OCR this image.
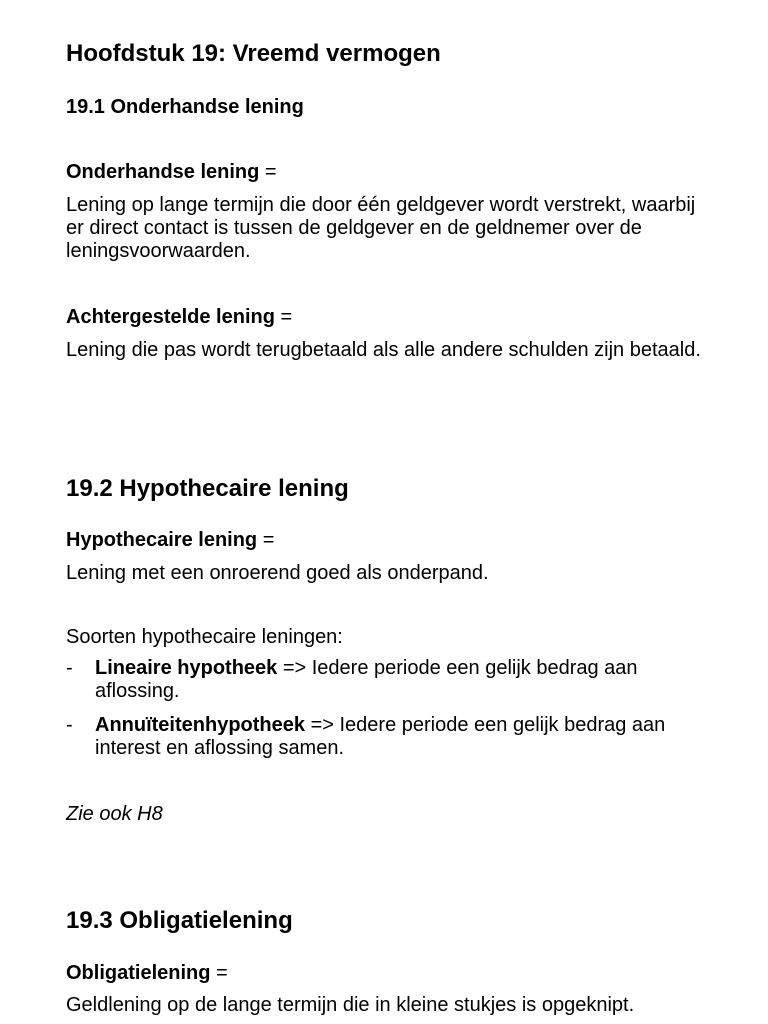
Hoofdstuk 19: Vreemd vermogen
19.1 Onderhandse lening
Onderhandse lening =
Lening op lange termijn die door één geldgever wordt verstrekt, waarbij er direct contact is tussen de geldgever en de geldnemer over de leningsvoorwaarden.
Achtergestelde lening =
Lening die pas wordt terugbetaald als alle andere schulden zijn betaald.
19.2 Hypothecaire lening
Hypothecaire lening =
Lening met een onroerend goed als onderpand.
Soorten hypothecaire leningen:
- Lineaire hypotheek => Iedere periode een gelijk bedrag aan aflossing.
- Annuïteitenhypotheek => Iedere periode een gelijk bedrag aan interest en aflossing samen.
Zie ook H8
19.3 Obligatielening
Obligatielening =
Geldlening op de lange termijn die in kleine stukjes is opgeknipt.
